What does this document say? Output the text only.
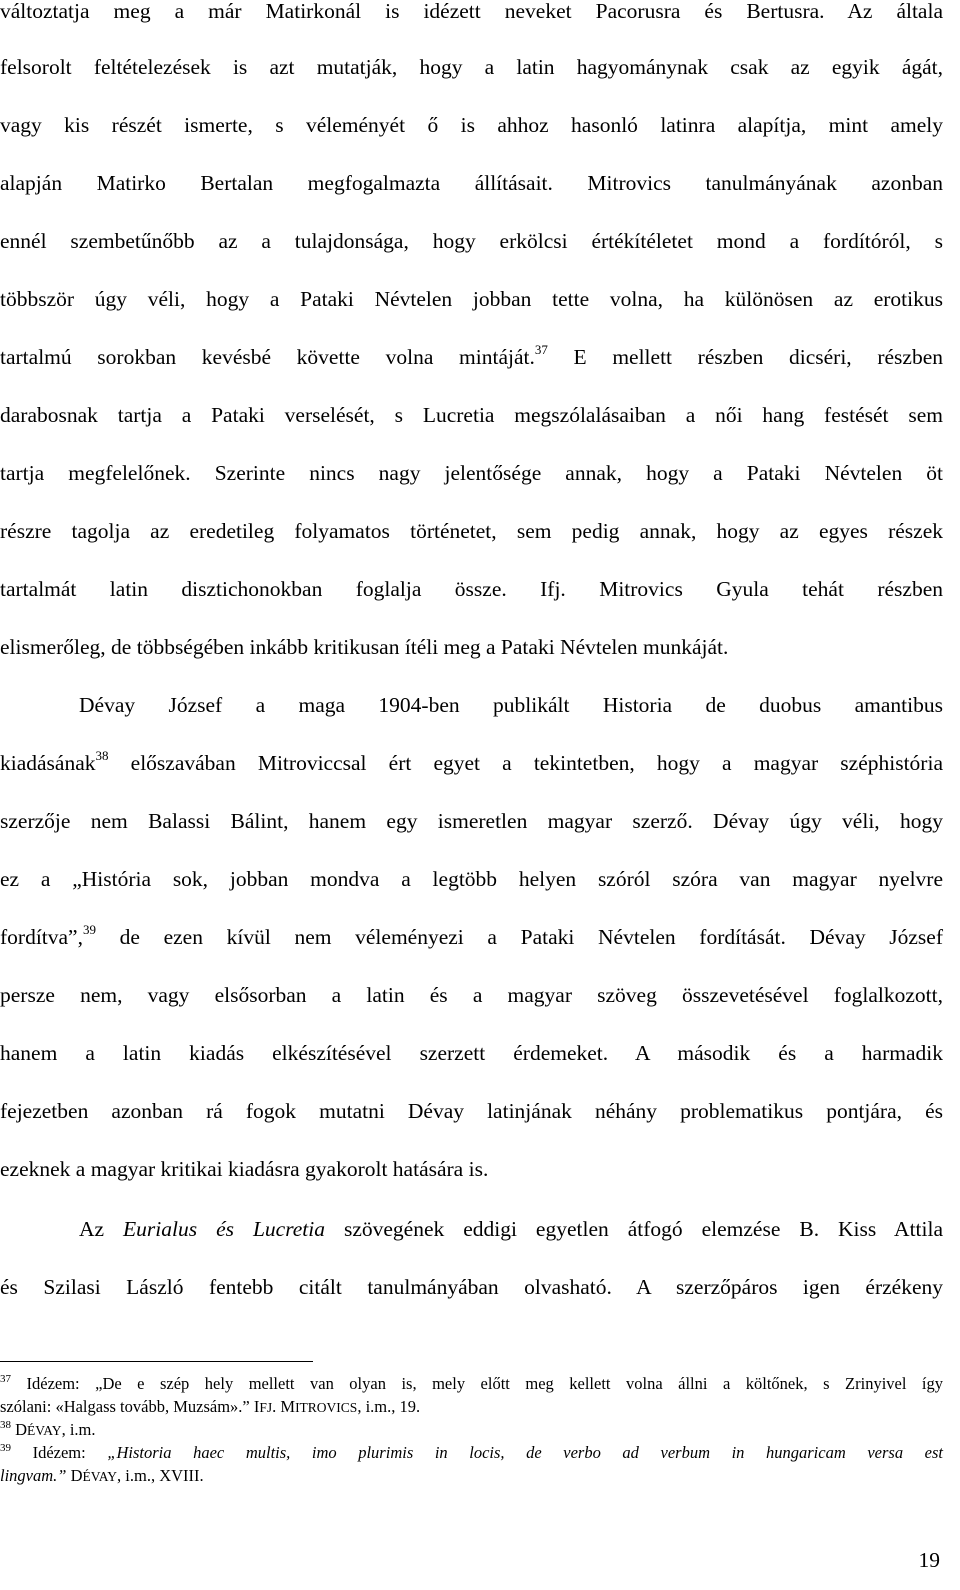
változtatja meg a már Matirkonál is idézett neveket Pacorusra és Bertusra. Az általa
felsorolt feltételezések is azt mutatják, hogy a latin hagyománynak csak az egyik ágát,
vagy kis részét ismerte, s véleményét ő is ahhoz hasonló latinra alapítja, mint amely
alapján Matirko Bertalan megfogalmazta állításait. Mitrovics tanulmányának azonban
ennél szembetűnőbb az a tulajdonsága, hogy erkölcsi értékítéletet mond a fordítóról, s
többször úgy véli, hogy a Pataki Névtelen jobban tette volna, ha különösen az erotikus
tartalmú sorokban kevésbé követte volna mintáját.$^{37}$ E mellett részben dicséri, részben
darabosnak tartja a Pataki verselését, s Lucretia megszólalásaiban a női hang festését sem
tartja megfelelőnek. Szerinte nincs nagy jelentősége annak, hogy a Pataki Névtelen öt
részre tagolja az eredetileg folyamatos történetet, sem pedig annak, hogy az egyes részek
tartalmát latin disztichonokban foglalja össze. Ifj. Mitrovics Gyula tehát részben
elismerőleg, de többségében inkább kritikusan ítéli meg a Pataki Névtelen munkáját.
Dévay József a maga 1904-ben publikált Historia de duobus amantibus
kiadásának$^{38}$ előszavában Mitroviccsal ért egyet a tekintetben, hogy a magyar széphistória
szerzője nem Balassi Bálint, hanem egy ismeretlen magyar szerző. Dévay úgy véli, hogy
ez a „História sok, jobban mondva a legtöbb helyen szóról szóra van magyar nyelvre
fordítva”,$^{39}$ de ezen kívül nem véleményezi a Pataki Névtelen fordítását. Dévay József
persze nem, vagy elsősorban a latin és a magyar szöveg összevetésével foglalkozott,
hanem a latin kiadás elkészítésével szerzett érdemeket. A második és a harmadik
fejezetben azonban rá fogok mutatni Dévay latinjának néhány problematikus pontjára, és
ezeknek a magyar kritikai kiadásra gyakorolt hatására is.
Az Eurialus és Lucretia szövegének eddigi egyetlen átfogó elemzése B. Kiss Attila
és Szilasi László fentebb citált tanulmányában olvasható. A szerzőpáros igen érzékeny
$^{37}$ Idézem: „De e szép hely mellett van olyan is, mely előtt meg kellett volna állni a költőnek, s Zrinyivel így
szólani: «Halgass tovább, Muzsám».” IFJ. MITROVICS, i.m., 19.
$^{38}$ DÉVAY, i.m.
$^{39}$ Idézem: „Historia haec multis, imo plurimis in locis, de verbo ad verbum in hungaricam versa est
lingvam.” DÉVAY, i.m., XVIII.
19
